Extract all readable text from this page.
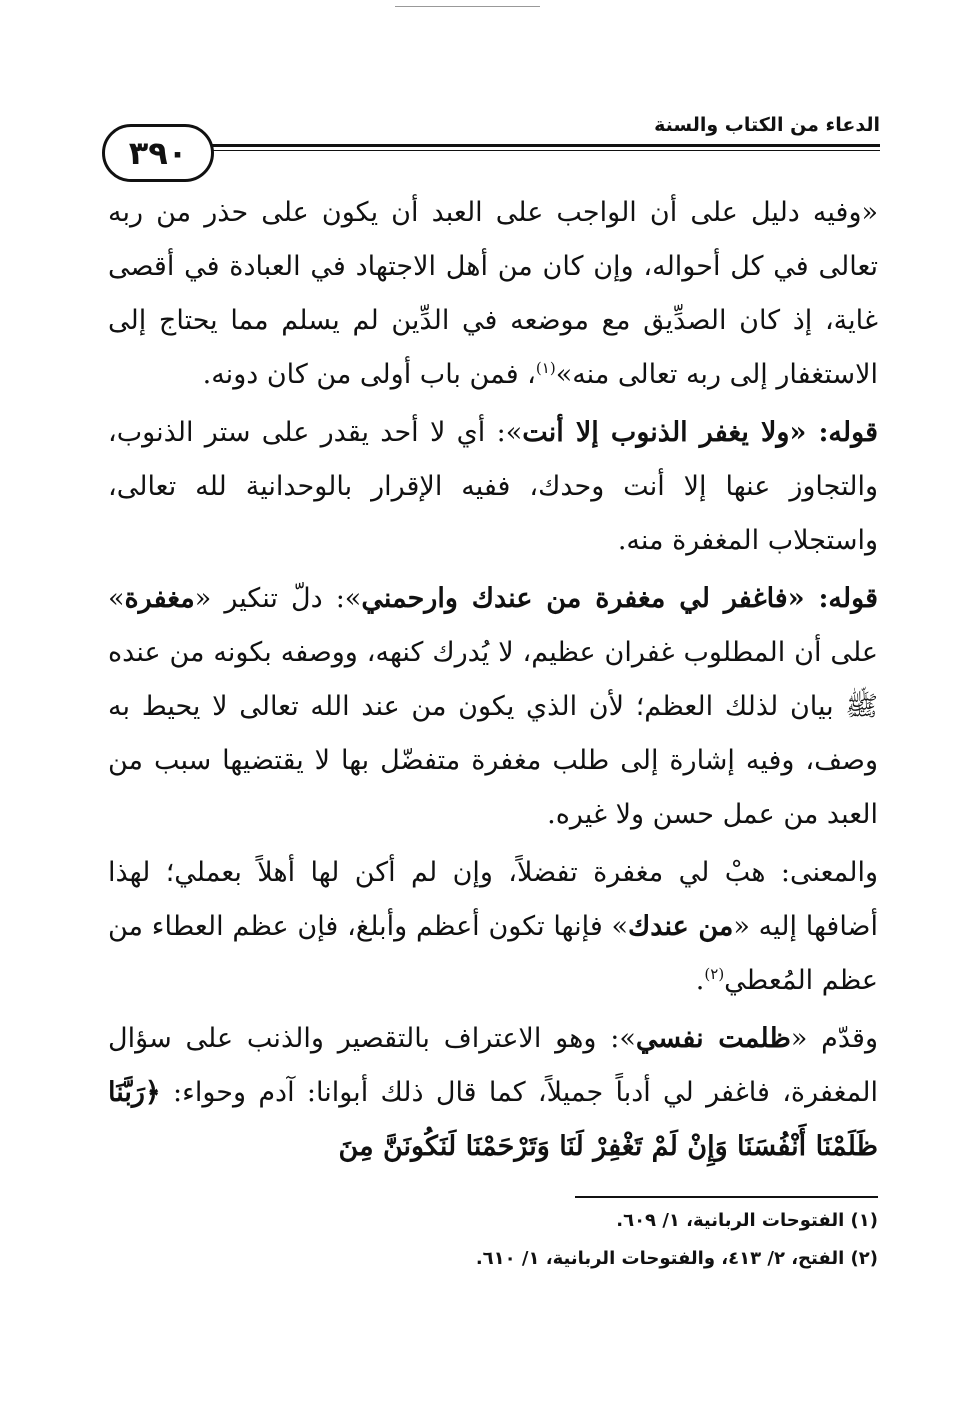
الدعاء من الكتاب والسنة
٣٩٠

«وفيه دليل على أن الواجب على العبد أن يكون على حذر من ربه تعالى في كل أحواله، وإن كان من أهل الاجتهاد في العبادة في أقصى غاية، إذ كان الصدِّيق مع موضعه في الدِّين لم يسلم مما يحتاج إلى الاستغفار إلى ربه تعالى منه»$^{(١)}$، فمن باب أولى من كان دونه.

قوله: «ولا يغفر الذنوب إلا أنت»: أي لا أحد يقدر على ستر الذنوب، والتجاوز عنها إلا أنت وحدك، ففيه الإقرار بالوحدانية لله تعالى، واستجلاب المغفرة منه.

قوله: «فاغفر لي مغفرة من عندك وارحمني»: دلّ تنكير «مغفرة» على أن المطلوب غفران عظيم، لا يُدرك كنهه، ووصفه بكونه من عنده ﷺ بيان لذلك العظم؛ لأن الذي يكون من عند الله تعالى لا يحيط به وصف، وفيه إشارة إلى طلب مغفرة متفضّل بها لا يقتضيها سبب من العبد من عمل حسن ولا غيره.

والمعنى: هبْ لي مغفرة تفضلاً، وإن لم أكن لها أهلاً بعملي؛ لهذا أضافها إليه «من عندك» فإنها تكون أعظم وأبلغ، فإن عظم العطاء من عظم المُعطي$^{(٢)}$.

وقدّم «ظلمت نفسي»: وهو الاعتراف بالتقصير والذنب على سؤال المغفرة، فاغفر لي أدباً جميلاً، كما قال ذلك أبوانا: آدم وحواء: ﴿رَبَّنَا ظَلَمْنَا أَنْفُسَنَا وَإِنْ لَمْ تَغْفِرْ لَنَا وَتَرْحَمْنَا لَنَكُونَنَّ مِنَ

(١) الفتوحات الربانية، ١/ ٦٠٩.
(٢) الفتح، ٢/ ٤١٣، والفتوحات الربانية، ١/ ٦١٠.
